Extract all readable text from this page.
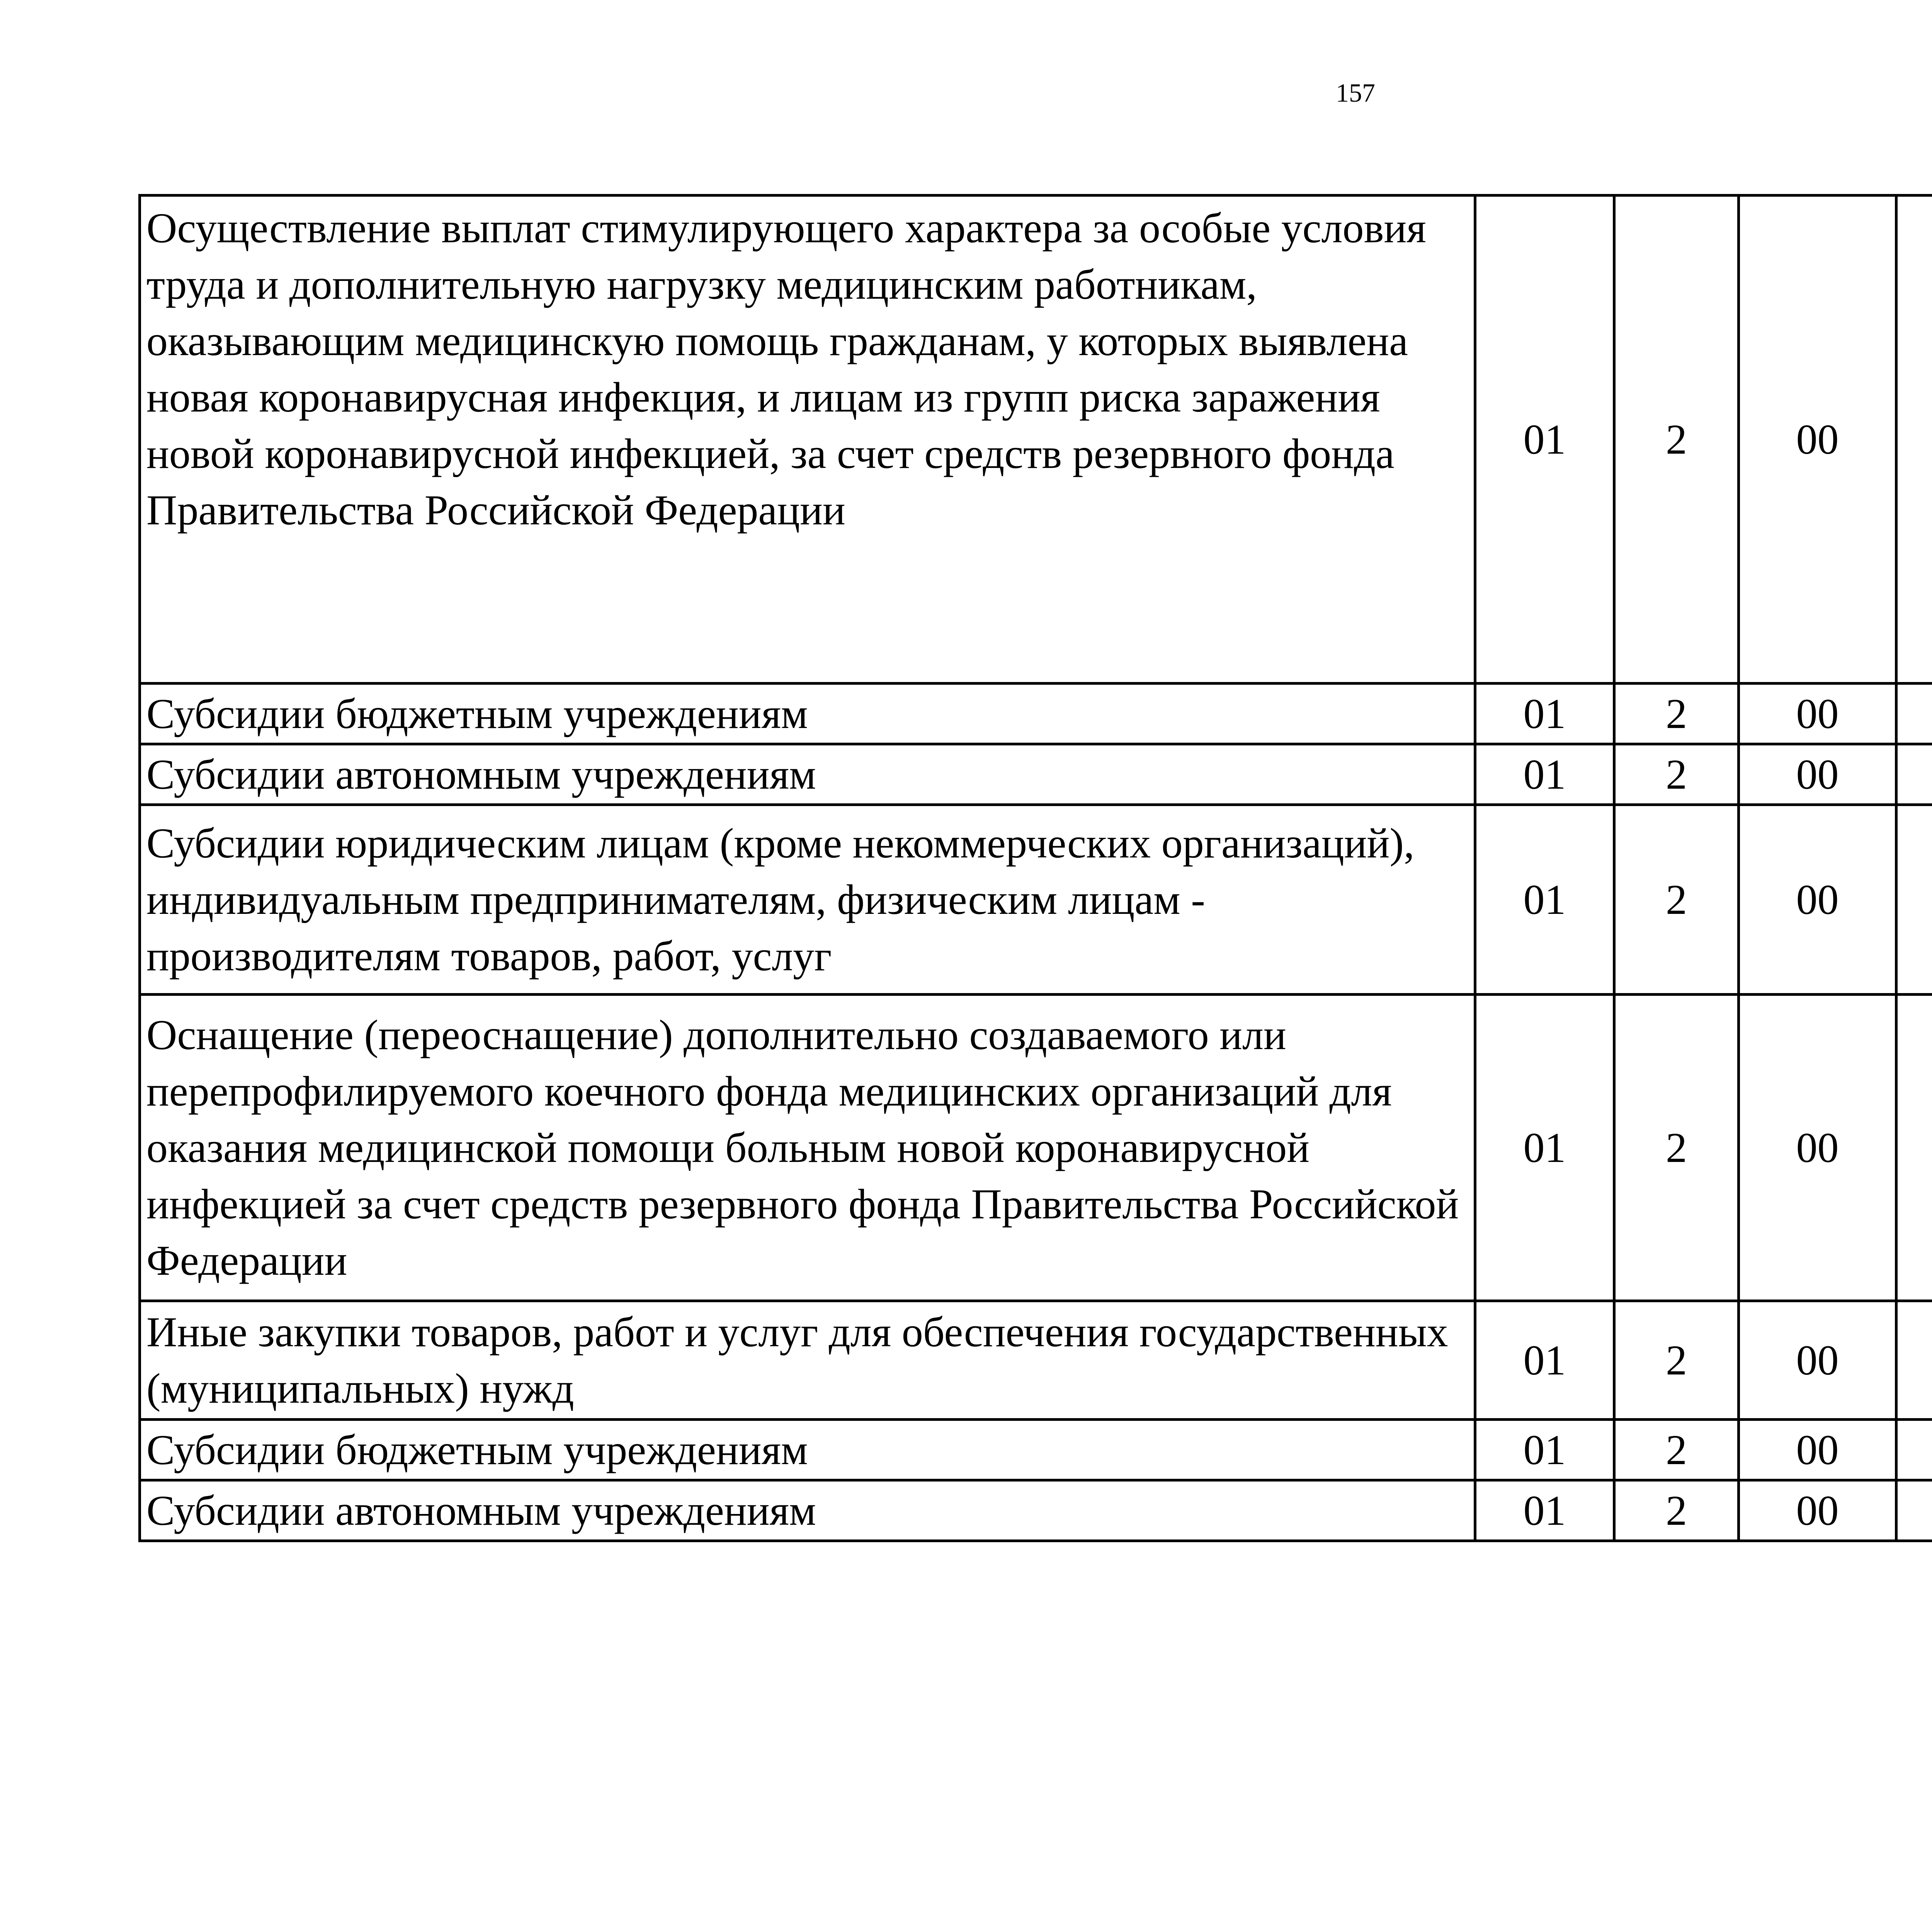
157
Осуществление выплат стимулирующего характера за особые условия труда и дополнительную нагрузку медицинским работникам, оказывающим медицинскую помощь гражданам, у которых выявлена новая коронавирусная инфекция, и лицам из групп риска заражения новой коронавирусной инфекцией, за счет средств резервного фонда Правительства Российской Федерации	01	2	00			
Субсидии бюджетным учреждениям	01	2	00			
Субсидии автономным учреждениям	01	2	00			
Субсидии юридическим лицам (кроме некоммерческих организаций), индивидуальным предпринимателям, физическим лицам - производителям товаров, работ, услуг	01	2	00			
Оснащение (переоснащение) дополнительно создаваемого или перепрофилируемого коечного фонда медицинских организаций для оказания медицинской помощи больным новой коронавирусной инфекцией за счет средств резервного фонда Правительства Российской Федерации	01	2	00			
Иные закупки товаров, работ и услуг для обеспечения государственных (муниципальных) нужд	01	2	00			
Субсидии бюджетным учреждениям	01	2	00			
Субсидии автономным учреждениям	01	2	00			
